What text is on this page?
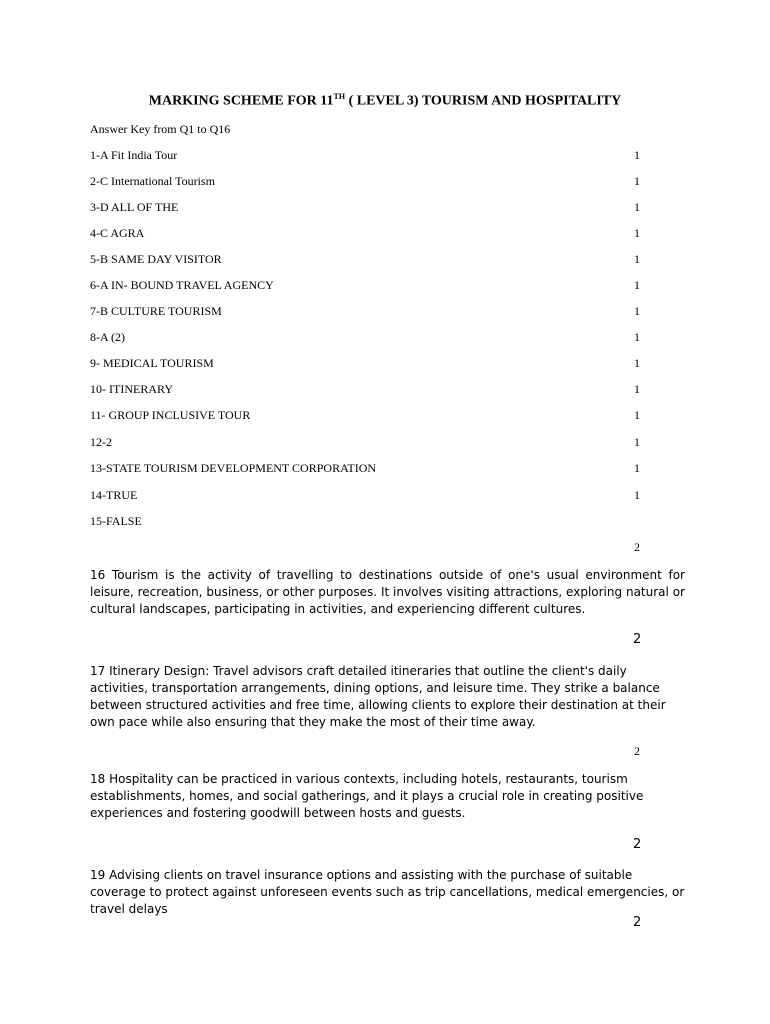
MARKING SCHEME FOR 11TH ( LEVEL 3) TOURISM AND HOSPITALITY
Answer Key from Q1 to Q16
1-A Fit India Tour	1
2-C International Tourism	1
3-D ALL OF THE	1
4-C AGRA	1
5-B SAME DAY VISITOR	1
6-A IN- BOUND TRAVEL AGENCY	1
7-B CULTURE TOURISM	1
8-A (2)	1
9- MEDICAL TOURISM	1
10- ITINERARY	1
11- GROUP INCLUSIVE TOUR	1
12-2	1
13-STATE TOURISM DEVELOPMENT CORPORATION	1
14-TRUE	1
15-FALSE
2
16 Tourism is the activity of travelling to destinations outside of one's usual environment for leisure, recreation, business, or other purposes. It involves visiting attractions, exploring natural or cultural landscapes, participating in activities, and experiencing different cultures.
2
17 Itinerary Design: Travel advisors craft detailed itineraries that outline the client's daily activities, transportation arrangements, dining options, and leisure time. They strike a balance between structured activities and free time, allowing clients to explore their destination at their own pace while also ensuring that they make the most of their time away.
2
18 Hospitality can be practiced in various contexts, including hotels, restaurants, tourism establishments, homes, and social gatherings, and it plays a crucial role in creating positive experiences and fostering goodwill between hosts and guests.
2
19 Advising clients on travel insurance options and assisting with the purchase of suitable coverage to protect against unforeseen events such as trip cancellations, medical emergencies, or travel delays
2
